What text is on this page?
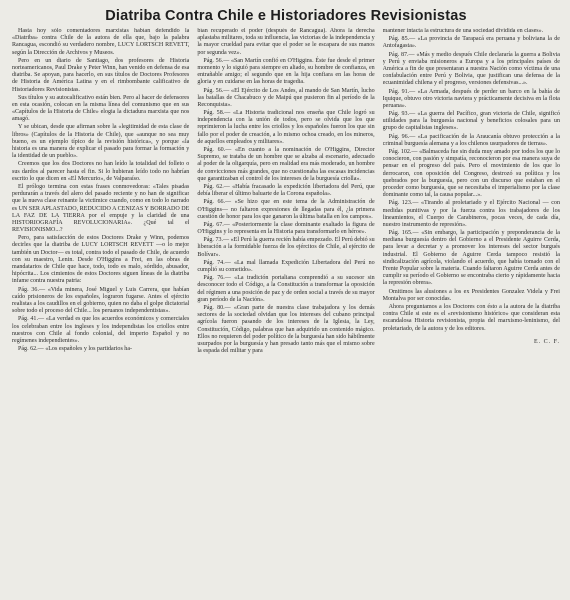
Diatriba Contra Chile e Historiadores Revisionistas

Hasta hoy sólo comentadores marxistas habían defendido la «Diatriba» contra Chile de la autora de ella que, bajo la palabra Rancagua, escondió su verdadero nombre, LUCY LORTSCH REVETT, según la Dirección de Archivos y Museos.

Pero en un diario de Santiago, dos profesores de Historia norteamericanos, Paul Drake y Peter Winn, han venido en defensa de esa diatriba. Se apoyan, para hacerlo, en sus títulos de Doctores Profesores de Historia de América Latina y en el rimbombante calificativo de Historiadores Revisionistas.

Sus títulos y su autocalificativo están bien. Pero al hacer de defensores en esta ocasión, colocan en la misma línea del comunismo que en sus «Capítulos de la Historia de Chile» elogia la dictadura marxista que nos amagó.

Y se ubican, desde que afirman sobre la «legitimidad de esta clase de libros» (Capítulos de la Historia de Chile), que «aunque no sea muy bueno, es un ejemplo típico de la revisión histórica», y porque «la historia es una manera de explicar el pasado para formar la formación y la identidad de un pueblo».

Creemos que los dos Doctores no han leído la totalidad del folleto o sus dardos al parecer hasta el fin. Si lo hubieran leído todo no habrían escrito lo que dicen en «El Mercurio», de Valparaíso.

El prólogo termina con estas frases conmovedoras: «Tales pisadas perdurarán a través del alero del pasado reciente y no han de significar que la nueva clase reinante la victimice cuando, como en todo lo narrado es UN SER APLASTADO, REDUCIDO A CENIZAS Y BORRADO DE LA FAZ DE LA TIERRA por el empuje y la claridad de una HISTORIOGRAFÍA REVOLUCIONARIA». ¿Qué tal el REVISIONISMO...?

Pero, para satisfacción de estos Doctores Drake y Winn, podemos decirles que la diatriba de LUCY LORTSCH REVETT —o lo mejor también un Doctor— es total, contra todo el pasado de Chile, de acuerdo con su maestro, Lenin. Desde O'Higgins a Frei, en las obras de mandatarios de Chile que hace, todo, todo es malo, sórdido, abusador, hipócrita... Los cimientos de estos Doctores siguen líneas de la diatriba infame contra nuestra patria:

Pág. 36.— «Vida minera, José Miguel y Luis Carrera, que habían caído prisioneros de los españoles, lograron fugarse. Antes el ejército realistas a los caudillos en el gobierno, quien no daba el golpe dictatorial sobre todo el proceso del Chile... los peruanos independentistas».

Pág. 41.— «La verdad es que los acuerdos económicos y comerciales los celebraban entre los ingleses y los independistas los criollos entre nuestros con Chile al fondo colonial, del imperio Español y no regímenes independientes».

Pág. 62.— «Los españoles y los partidarios ha-

bían recuperado el poder (después de Rancagua). Ahora la derecha aplastaba militares, toda su influencia, las victorias de la independencia y la mayor crueldad para evitar que el poder se le escapara de sus manos por segunda vez».

Pág. 56.— «San Martín confió en O'Higgins. Éste fue desde el primer momento y lo siguió para siempre en aliado, su hombre de confianza, en entrañable amigo; el segundo que en la hija confiara en las horas de gloria y en cuidarse en las horas de tragedia.

Pág. 56.— «El Ejército de Los Andes, al mando de San Martín, lucho las batallas de Chacabuco y de Maipú que pusieron fin al período de la Reconquista».

Pág. 58.— «La Historia tradicional nos enseña que Chile logró su independencia con la unión de todos, pero se olvida que los que reprimieron la lucha entre los criollos y los españoles fueron los que sin fallo por el poder de creación, a lo mismo ochoa creado, en los mineros, de aquellos empleados y militares».

Pág. 60.— «En cuanto a la nominación de O'Higgins, Director Supremo, se trataba de un hombre que se alzaba al escenario, adecuado al poder de la oligarquía, pero en realidad era más moderado, un hombre de convicciones más grandes, que no cuestionaba las escasas incidencias que garantizaban el control de los intereses de la burguesía criolla».

Pág. 62.— «Había fracasado la expedición libertadora del Perú, que debía liberar el último baluarte de la Corona española».

Pág. 66.— «Se hizo que en este tema de la Administración de O'Higgins— no faltaron expresiones de llegadas para él, ¿la primera cuestión de honor para los que ganaron la última batalla en los campos».

Pág. 67.— «Posteriormente la clase dominante exaltado la figura de O'Higgins y lo representa en la Historia para transformarlo en héroe».

Pág. 73.— «El Perú la guerra recién había empezado. El Perú debió su liberación a la formidable fuerza de los ejércitos de Chile, al ejército de Bolívar».

Pág. 74.— «La mal llamada Expedición Libertadora del Perú no cumplió su cometido».

Pág. 76.— «La tradición portaliana comprendió a su sucesor sin desconocer todo el Código, a la Constitución a transformar la oposición del régimen a una posición de paz y de orden social a través de su mayor gran período de la Nación».

Pág. 80.— «Gran parte de nuestra clase trabajadora y los demás sectores de la sociedad olvidan que los intereses del cubano principal agrícola fueron pasando de los intereses de la Iglesia, la Ley, Constitución, Código, palabras que han adquirido un contenido mágico. Ellos no requieren del poder político de la burguesía han sido hábilmente usurpados por la burguesía y han presado tanto más que el mismo sobre la espada del militar y para

mantener intacta la estructura de una sociedad dividida en clases».

Pág. 85.— «La provincia de Tarapacá era peruana y boliviana la de Antofagasta».

Pág. 87.— «Más y medio después Chile declararía la guerra a Bolivia y Perú y enviaba misioneros a Europa y a los principales países de América a fin de que presentaran a nuestra Nación como víctima de una confabulación entre Perú y Bolivia, que justifican una defensa de la ecuanimidad chilena y el progreso, versiones defensivas...».

Pág. 91.— «La Armada, después de perder un barco en la bahía de Iquique, obtuvo otro victoria naviera y prácticamente decisiva en la flota peruana».

Pág. 93.— «La guerra del Pacífico, gran victoria de Chile, significó utilidades para la burguesía nacional y beneficios colosales para un grupo de capitalistas ingleses».

Pág. 96.— «La pacificación de la Araucanía obtuvo protección a la criminal burguesía alemana y a los chilenos usurpadores de tierras».

Pág. 102.— «Balmaceda fue sin duda muy amado por todos los que lo conocieron, con pasión y simpatía, reconocieron por esa manera suya de pensar en el progreso del país. Pero el movimiento de los que lo derrocaron, con oposición del Congreso, destrozó su política y los quebrados por la burguesía, pero con un discurso que estaban en el proceder como burguesía, que se necesitaba el imperialismo por la clase dominante como tal, la causa popular...».

Pág. 123.— «Tirando al proletariado y el Ejército Nacional — con medidas punitivas y por la fuerza contra los trabajadores de los lineamientos, el Cuerpo de Carabineros, pocas veces, de cada día, nuestro instrumento de represión».

Pág. 165.— «Sin embargo, la participación y preponderancia de la mediana burguesía dentro del Gobierno a el Presidente Aguirre Cerda, para levar a decretar y a promover los intereses del sector burgués industrial. El Gobierno de Aguirre Cerda tampoco resistió la sindicalización agrícola, violando el acuerdo, que había tomado con el Frente Popular sobre la materia. Cuando faltaron Aguirre Cerda antes de cumplir su período el Gobierno se encontraba cierto y rápidamente hacia la represión obrera».

Omitimos las alusiones a los ex Presidentes Gonzalez Videla y Frei Montalva por ser conocidas.

Ahora preguntamos a los Doctores con ésto a la autora de la diatriba contra Chile si este es el «revisionismo histórico» que consideran esta escandalosa Historia revisionista, propia del marxismo-leninismo, del proletariado, de la autora y de los editores.

E. C. F.
